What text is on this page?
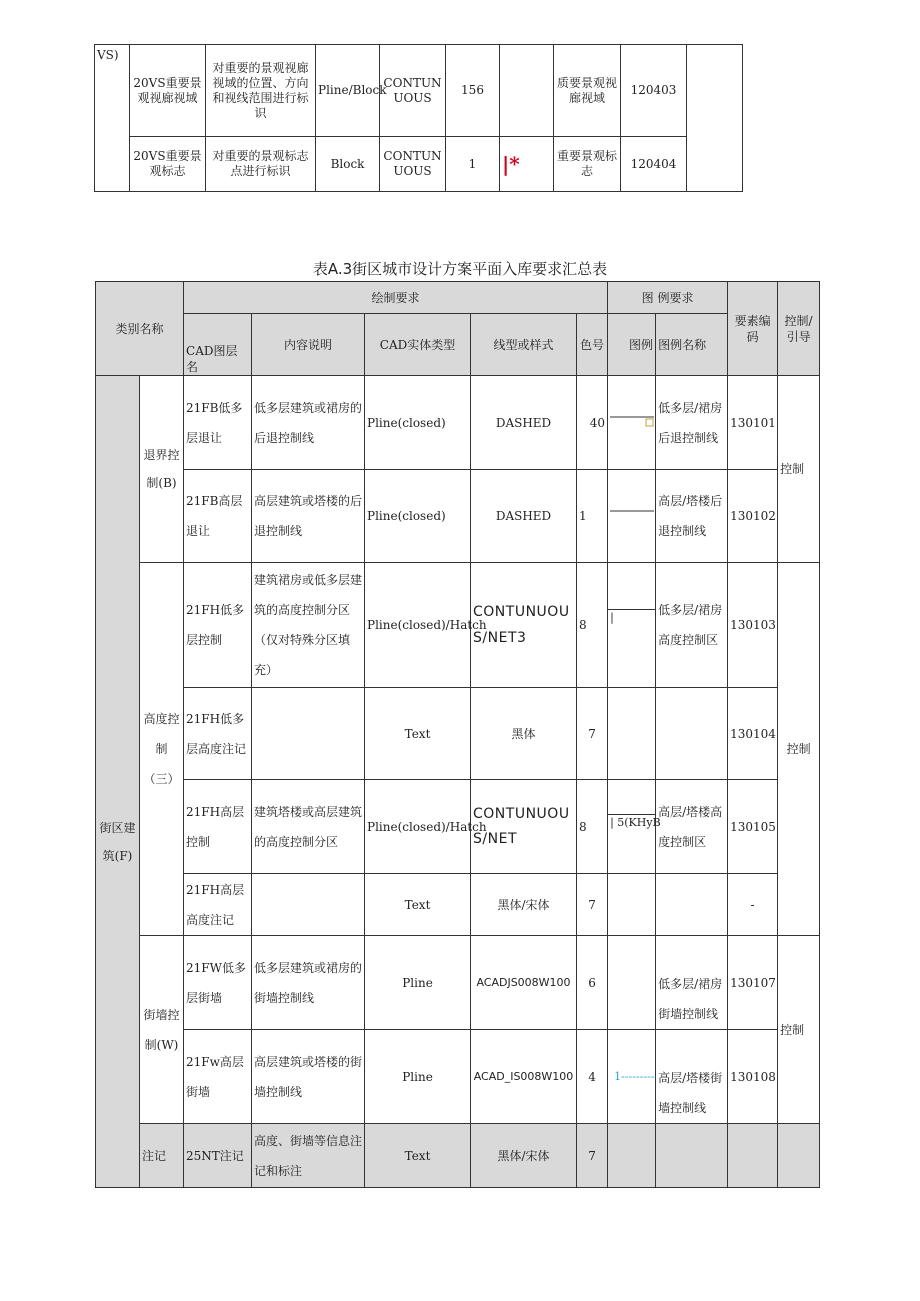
VS)	20VS重要景观视廊视域	对重要的景观视廊视域的位置、方向和视线范围进行标识	Pline/Block	CONTUNUOUS	156		质要景观视廊视域	120403	
	20VS重要景观标志	对重要的景观标志点进行标识	Block	CONTUNUOUS	1	|*	重要景观标志	120404	
表A.3街区城市设计方案平面入库要求汇总表
类别名称		绘制要求					图 例要求		要素编码	控制/引导
		CAD图层名	内容说明	CAD实体类型	线型或样式	色号	图例	图例名称		
街区建筑(F)	退界控制(B)	21FB低多层退让	低多层建筑或裙房的后退控制线	Pline(closed)	DASHED	40		低多层/裙房后退控制线	130101	控制
		21FB高层退让	高层建筑或塔楼的后退控制线	Pline(closed)	DASHED	1		高层/塔楼后退控制线	130102	
	高度控制（三）	21FH低多层控制	建筑裙房或低多层建筑的高度控制分区（仅对特殊分区填充）	Pline(closed)/Hatch	CONTUNUOUS/NET3	8	|	低多层/裙房高度控制区	130103	控制
		21FH低多层高度注记		Text	黑体	7			130104	
		21FH高层控制	建筑塔楼或高层建筑的高度控制分区	Pline(closed)/Hatch	CONTUNUOUS/NET	8	| 5(KHyB	高层/塔楼高度控制区	130105	
		21FH高层高度注记		Text	黑体/宋体	7			-	
	街墙控制(W)	21FW低多层街墙	低多层建筑或裙房的街墙控制线	Pline	ACADJS008W100	6		低多层/裙房街墙控制线	130107	控制
		21Fw高层街墙	高层建筑或塔楼的街墙控制线	Pline	ACAD_IS008W100	4	1---------	高层/塔楼街墙控制线	130108	
	注记	25NT注记	高度、街墙等信息注记和标注	Text	黑体/宋体	7				
